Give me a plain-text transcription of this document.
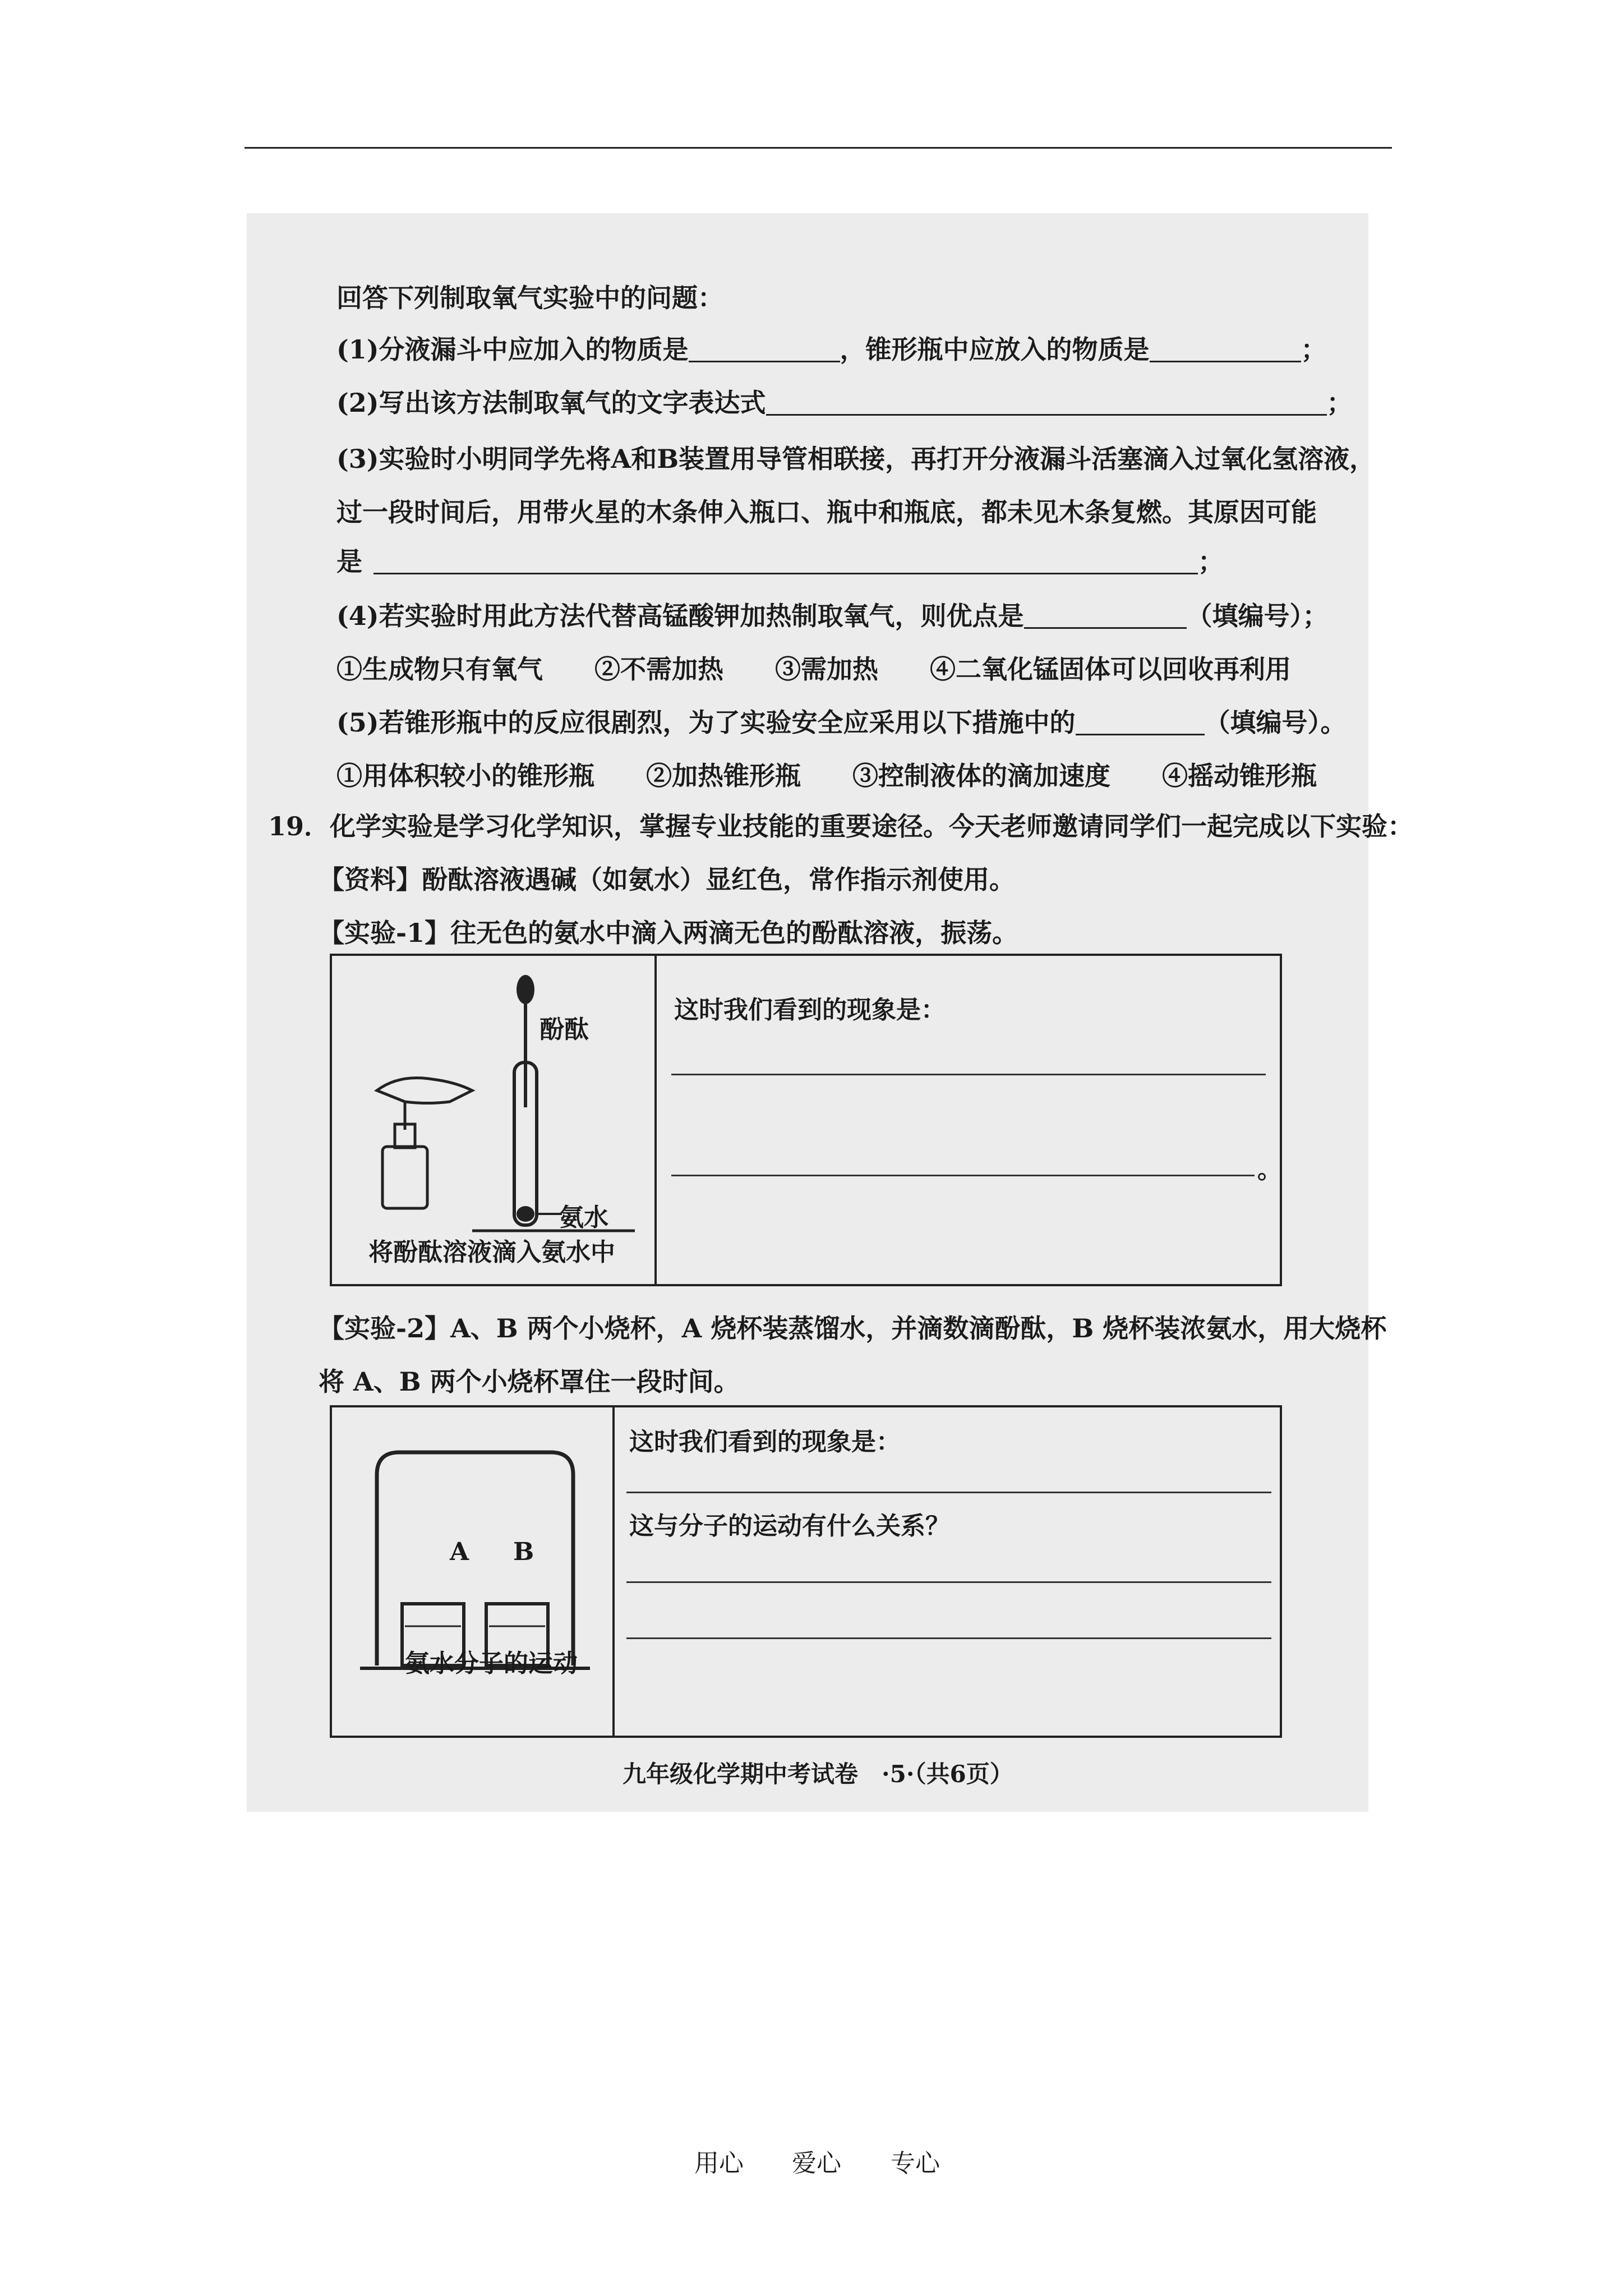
回答下列制取氧气实验中的问题：
(1)分液漏斗中应加入的物质是	，锥形瓶中应放入的物质是	；
(2)写出该方法制取氧气的文字表达式	；
(3)实验时小明同学先将A和B装置用导管相联接，再打开分液漏斗活塞滴入过氧化氢溶液，
过一段时间后，用带火星的木条伸入瓶口、瓶中和瓶底，都未见木条复燃。其原因可能
是	；
(4)若实验时用此方法代替高锰酸钾加热制取氧气，则优点是	（填编号）；
①生成物只有氧气　　②不需加热　　③需加热　　④二氧化锰固体可以回收再利用
(5)若锥形瓶中的反应很剧烈，为了实验安全应采用以下措施中的	（填编号）。
①用体积较小的锥形瓶　　②加热锥形瓶　　③控制液体的滴加速度　　④摇动锥形瓶
19．化学实验是学习化学知识，掌握专业技能的重要途径。今天老师邀请同学们一起完成以下实验：
【资料】酚酞溶液遇碱（如氨水）显红色，常作指示剂使用。
【实验-1】往无色的氨水中滴入两滴无色的酚酞溶液，振荡。
酚酞
氨水
将酚酞溶液滴入氨水中
这时我们看到的现象是：
。
【实验-2】A、B 两个小烧杯，A 烧杯装蒸馏水，并滴数滴酚酞，B 烧杯装浓氨水，用大烧杯
将 A、B 两个小烧杯罩住一段时间。
A B
氨水分子的运动
这时我们看到的现象是：
这与分子的运动有什么关系？
九年级化学期中考试卷　·5·（共6页）
用心 爱心 专心
